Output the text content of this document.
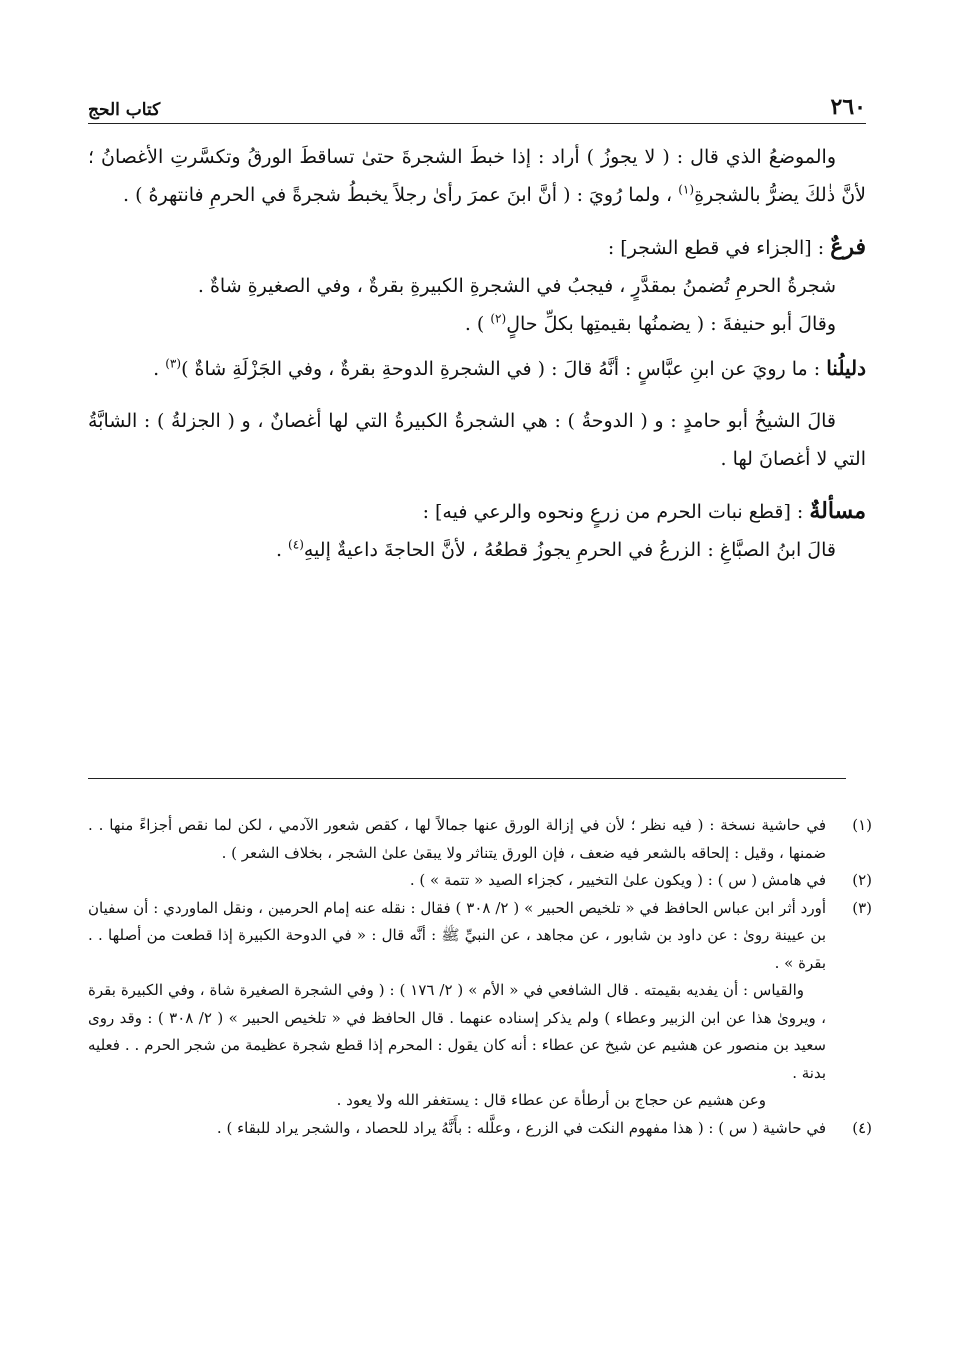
٢٦٠
كتاب الحج

والموضعُ الذي قال : ( لا يجوزُ ) أراد : إذا خبطَ الشجرةَ حتىٰ تساقطَ الورقُ وتكسَّرتِ الأغصانُ ؛ لأنَّ ذٰلكَ يضرُّ بالشجرةِ$^{(١)}$ ، ولما رُويَ : ( أنَّ ابنَ عمرَ رأىٰ رجلاً يخبطُ شجرةً في الحرمِ فانتهرهُ ) .

فرعٌ : [الجزاء في قطع الشجر] :

شجرةُ الحرمِ تُضمنُ بمقدَّرٍ ، فيجبُ في الشجرةِ الكبيرةِ بقرةٌ ، وفي الصغيرةِ شاةٌ .

وقالَ أبو حنيفةَ : ( يضمنُها بقيمتِها بكلِّ حالٍ$^{(٢)}$ ) .

دليلُنا : ما رويَ عن ابنِ عبَّاسٍ : أنَّهُ قالَ : ( في الشجرةِ الدوحةِ بقرةٌ ، وفي الجَزْلَةِ شاةٌ )$^{(٣)}$ .

قالَ الشيخُ أبو حامدٍ : و ( الدوحةُ ) : هي الشجرةُ الكبيرةُ التي لها أغصانٌ ، و ( الجزلةُ ) : الشابَّةُ التي لا أغصانَ لها .

مسألةٌ : [قطع نبات الحرم من زرعٍ ونحوه والرعي فيه] :

قالَ ابنُ الصبَّاغِ : الزرعُ في الحرمِ يجوزُ قطعُهُ ، لأنَّ الحاجةَ داعيةٌ إليهِ$^{(٤)}$ .

(١)
في حاشية نسخة : ( فيه نظر ؛ لأن في إزالة الورق عنها جمالاً لها ، كقص شعور الآدمي ، لكن لما نقص أجزاءً منها . . ضمنها ، وقيل : إلحاقه بالشعر فيه ضعف ، فإن الورق يتناثر ولا يبقىٰ علىٰ الشجر ، بخلاف الشعر ) .
(٢)
في هامش ( س ) : ( ويكون علىٰ التخيير ، كجزاء الصيد « تتمة » ) .
(٣)

أورد أثر ابن عباس الحافظ في « تلخيص الحبير » ( ٢/ ٣٠٨ ) فقال : نقله عنه إمام الحرمين ، ونقل الماوردي : أن سفيان بن عيينة روىٰ : عن داود بن شابور ، عن مجاهد ، عن النبيِّ ﷺ : أنَّه قال : « في الدوحة الكبيرة إذا قطعت من أصلها . . بقرة » .

والقياس : أن يفديه بقيمته . قال الشافعي في « الأم » ( ٢/ ١٧٦ ) : ( وفي الشجرة الصغيرة شاة ، وفي الكبيرة بقرة ، ويروىٰ هذا عن ابن الزبير وعطاء ) ولم يذكر إسناده عنهما . قال الحافظ في « تلخيص الحبير » ( ٢/ ٣٠٨ ) : وقد روى سعيد بن منصور عن هشيم عن شيخ عن عطاء : أنه كان يقول : المحرم إذا قطع شجرة عظيمة من شجر الحرم . . فعليه بدنة .

وعن هشيم عن حجاج بن أرطأة عن عطاء قال : يستغفر الله ولا يعود .

(٤)
في حاشية ( س ) : ( هذا مفهوم النكت في الزرع ، وعلَّله : بأَنَّهُ يراد للحصاد ، والشجر يراد للبقاء ) .
